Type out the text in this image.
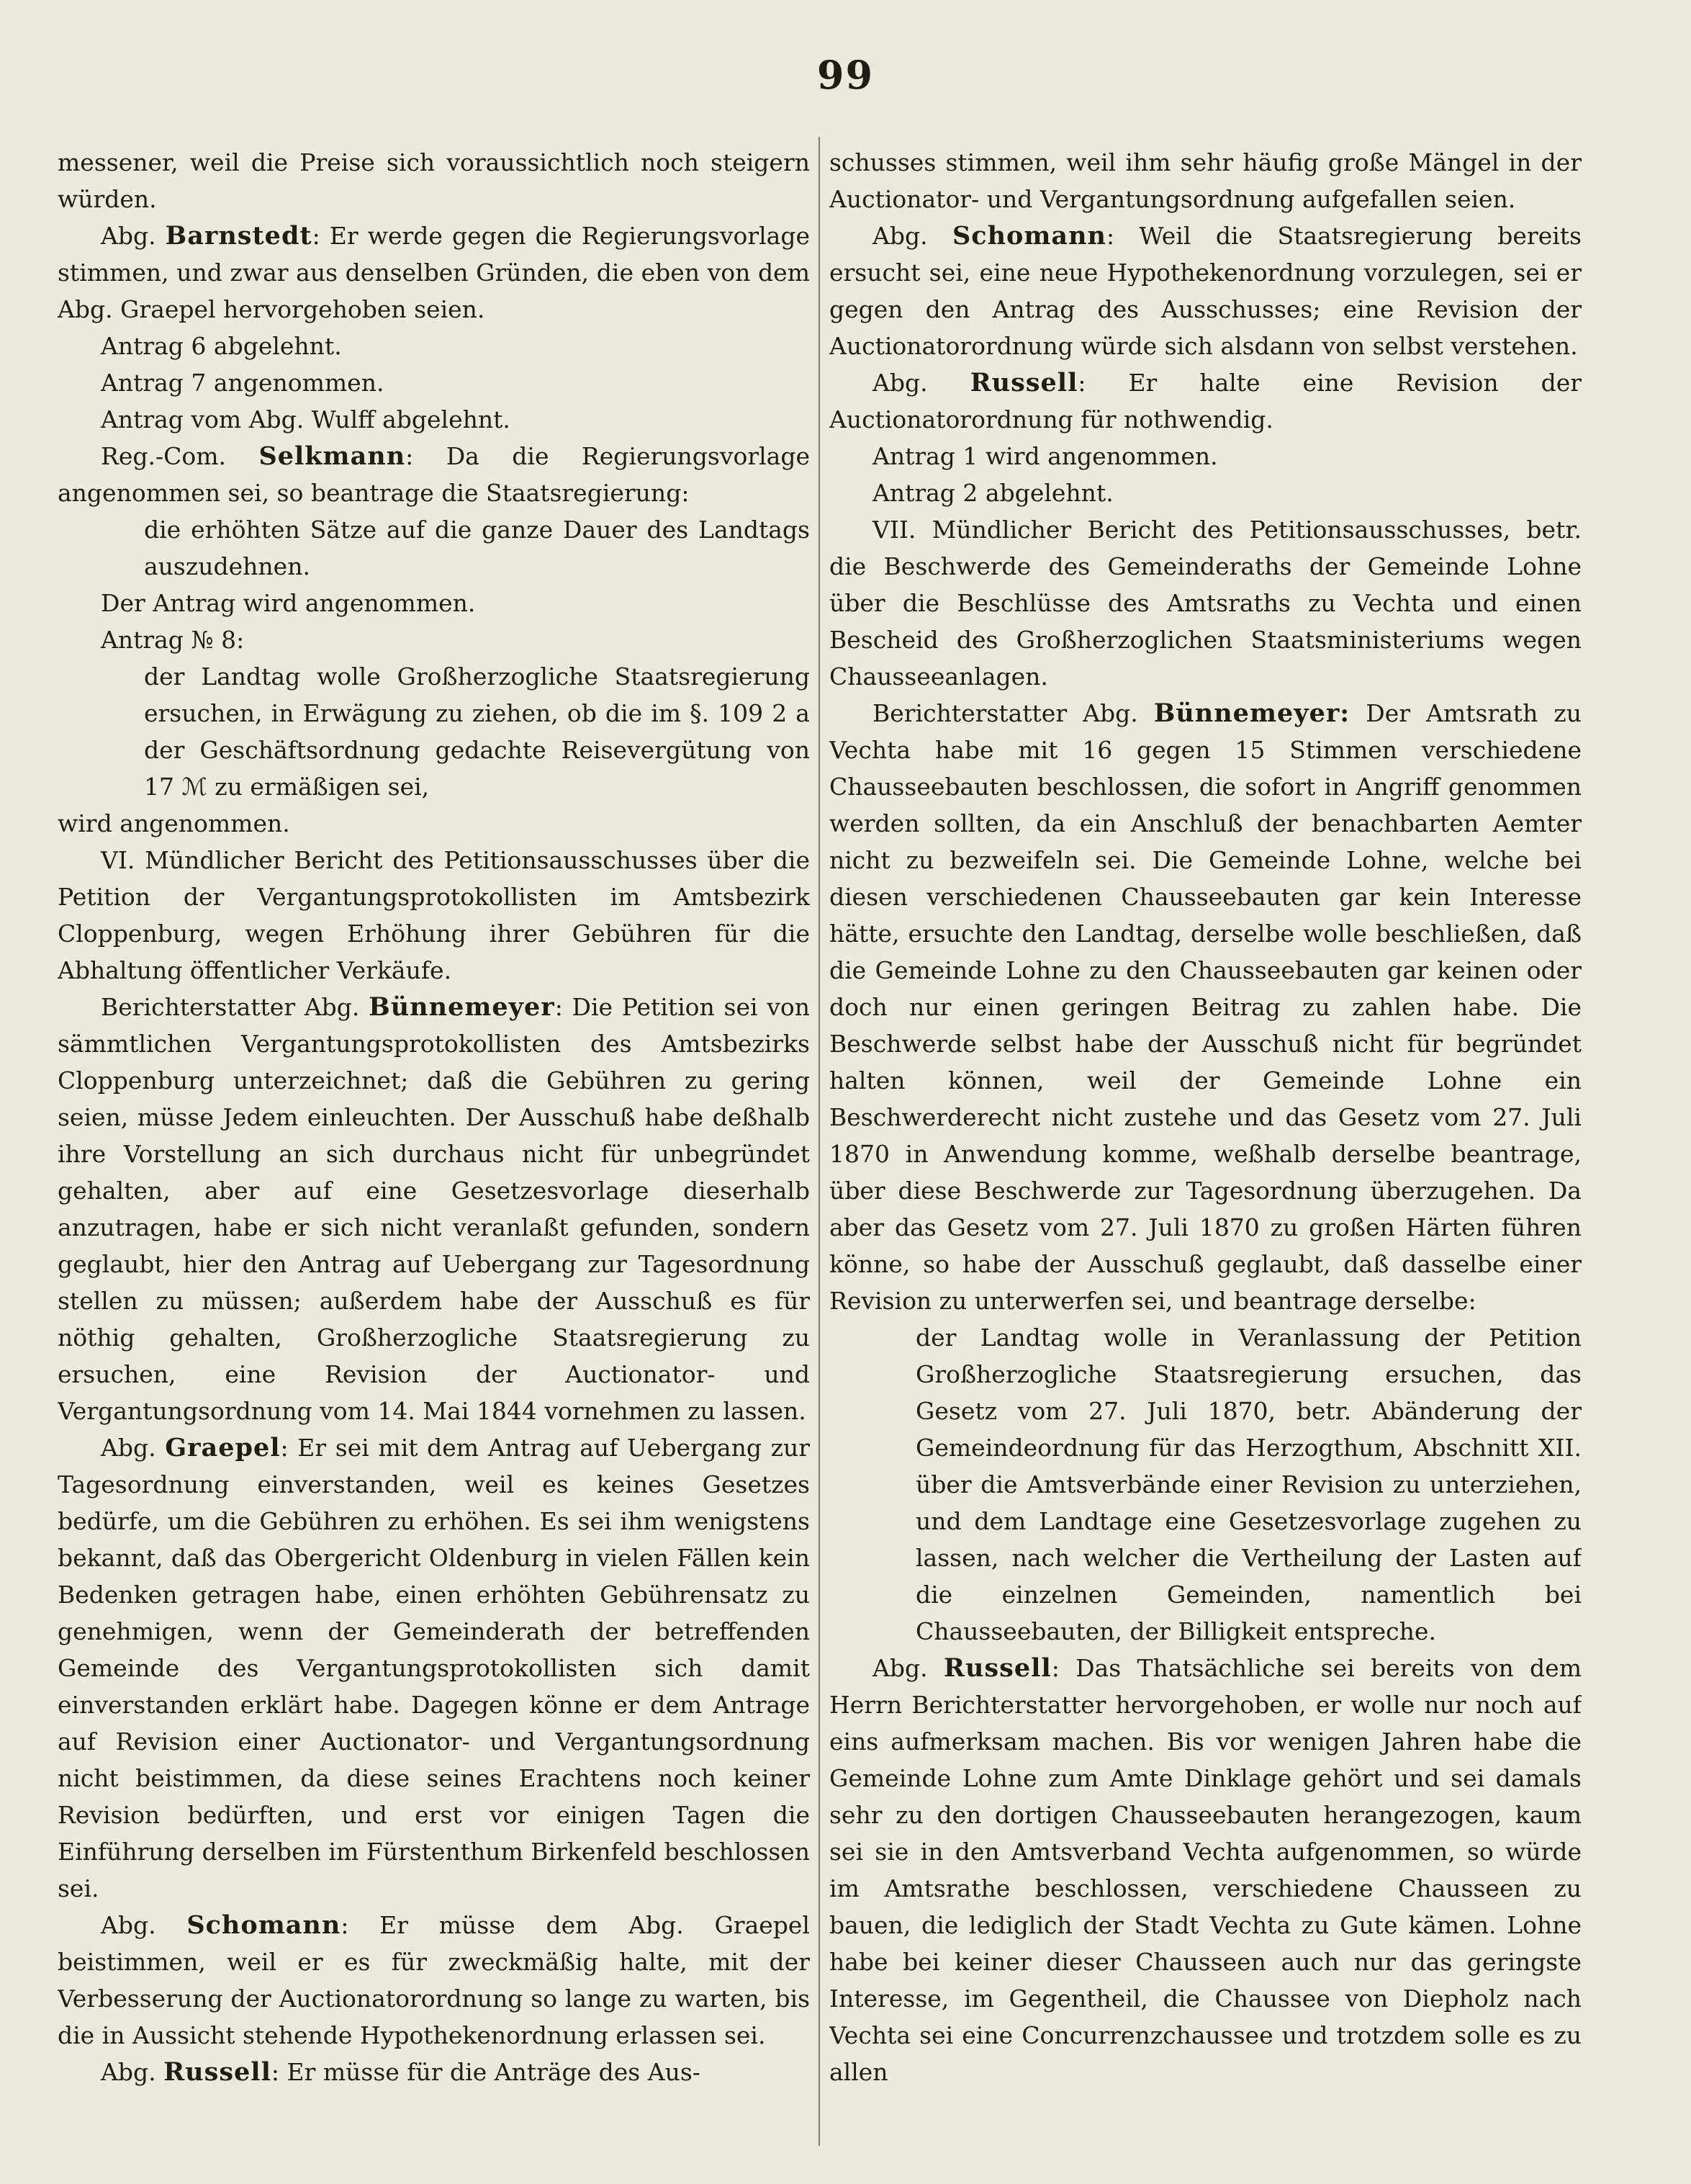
99

messener, weil die Preise sich voraussichtlich noch steigern würden.

Abg. Barnstedt: Er werde gegen die Regierungsvorlage stimmen, und zwar aus denselben Gründen, die eben von dem Abg. Graepel hervorgehoben seien.

Antrag 6 abgelehnt.

Antrag 7 angenommen.

Antrag vom Abg. Wulff abgelehnt.

Reg.-Com. Selkmann: Da die Regierungsvorlage angenommen sei, so beantrage die Staatsregierung:

die erhöhten Sätze auf die ganze Dauer des Landtags auszudehnen.

Der Antrag wird angenommen.

Antrag № 8:

der Landtag wolle Großherzogliche Staatsregierung ersuchen, in Erwägung zu ziehen, ob die im §. 109 2 a der Geschäftsordnung gedachte Reisevergütung von 17 ℳ zu ermäßigen sei,

wird angenommen.

VI. Mündlicher Bericht des Petitionsausschusses über die Petition der Vergantungsprotokollisten im Amtsbezirk Cloppenburg, wegen Erhöhung ihrer Gebühren für die Abhaltung öffentlicher Verkäufe.

Berichterstatter Abg. Bünnemeyer: Die Petition sei von sämmtlichen Vergantungsprotokollisten des Amtsbezirks Cloppenburg unterzeichnet; daß die Gebühren zu gering seien, müsse Jedem einleuchten. Der Ausschuß habe deßhalb ihre Vorstellung an sich durchaus nicht für unbegründet gehalten, aber auf eine Gesetzesvorlage dieserhalb anzutragen, habe er sich nicht veranlaßt gefunden, sondern geglaubt, hier den Antrag auf Uebergang zur Tagesordnung stellen zu müssen; außerdem habe der Ausschuß es für nöthig gehalten, Großherzogliche Staatsregierung zu ersuchen, eine Revision der Auctionator- und Vergantungsordnung vom 14. Mai 1844 vornehmen zu lassen.

Abg. Graepel: Er sei mit dem Antrag auf Uebergang zur Tagesordnung einverstanden, weil es keines Gesetzes bedürfe, um die Gebühren zu erhöhen. Es sei ihm wenigstens bekannt, daß das Obergericht Oldenburg in vielen Fällen kein Bedenken getragen habe, einen erhöhten Gebührensatz zu genehmigen, wenn der Gemeinderath der betreffenden Gemeinde des Vergantungsprotokollisten sich damit einverstanden erklärt habe. Dagegen könne er dem Antrage auf Revision einer Auctionator- und Vergantungsordnung nicht beistimmen, da diese seines Erachtens noch keiner Revision bedürften, und erst vor einigen Tagen die Einführung derselben im Fürstenthum Birkenfeld beschlossen sei.

Abg. Schomann: Er müsse dem Abg. Graepel beistimmen, weil er es für zweckmäßig halte, mit der Verbesserung der Auctionatorordnung so lange zu warten, bis die in Aussicht stehende Hypothekenordnung erlassen sei.

Abg. Russell: Er müsse für die Anträge des Aus-

schusses stimmen, weil ihm sehr häufig große Mängel in der Auctionator- und Vergantungsordnung aufgefallen seien.

Abg. Schomann: Weil die Staatsregierung bereits ersucht sei, eine neue Hypothekenordnung vorzulegen, sei er gegen den Antrag des Ausschusses; eine Revision der Auctionatorordnung würde sich alsdann von selbst verstehen.

Abg. Russell: Er halte eine Revision der Auctionatorordnung für nothwendig.

Antrag 1 wird angenommen.

Antrag 2 abgelehnt.

VII. Mündlicher Bericht des Petitionsausschusses, betr. die Beschwerde des Gemeinderaths der Gemeinde Lohne über die Beschlüsse des Amtsraths zu Vechta und einen Bescheid des Großherzoglichen Staatsministeriums wegen Chausseeanlagen.

Berichterstatter Abg. Bünnemeyer: Der Amtsrath zu Vechta habe mit 16 gegen 15 Stimmen verschiedene Chausseebauten beschlossen, die sofort in Angriff genommen werden sollten, da ein Anschluß der benachbarten Aemter nicht zu bezweifeln sei. Die Gemeinde Lohne, welche bei diesen verschiedenen Chausseebauten gar kein Interesse hätte, ersuchte den Landtag, derselbe wolle beschließen, daß die Gemeinde Lohne zu den Chausseebauten gar keinen oder doch nur einen geringen Beitrag zu zahlen habe. Die Beschwerde selbst habe der Ausschuß nicht für begründet halten können, weil der Gemeinde Lohne ein Beschwerderecht nicht zustehe und das Gesetz vom 27. Juli 1870 in Anwendung komme, weßhalb derselbe beantrage, über diese Beschwerde zur Tagesordnung überzugehen. Da aber das Gesetz vom 27. Juli 1870 zu großen Härten führen könne, so habe der Ausschuß geglaubt, daß dasselbe einer Revision zu unterwerfen sei, und beantrage derselbe:

der Landtag wolle in Veranlassung der Petition Großherzogliche Staatsregierung ersuchen, das Gesetz vom 27. Juli 1870, betr. Abänderung der Gemeindeordnung für das Herzogthum, Abschnitt XII. über die Amtsverbände einer Revision zu unterziehen, und dem Landtage eine Gesetzesvorlage zugehen zu lassen, nach welcher die Vertheilung der Lasten auf die einzelnen Gemeinden, namentlich bei Chausseebauten, der Billigkeit entspreche.

Abg. Russell: Das Thatsächliche sei bereits von dem Herrn Berichterstatter hervorgehoben, er wolle nur noch auf eins aufmerksam machen. Bis vor wenigen Jahren habe die Gemeinde Lohne zum Amte Dinklage gehört und sei damals sehr zu den dortigen Chausseebauten herangezogen, kaum sei sie in den Amtsverband Vechta aufgenommen, so würde im Amtsrathe beschlossen, verschiedene Chausseen zu bauen, die lediglich der Stadt Vechta zu Gute kämen. Lohne habe bei keiner dieser Chausseen auch nur das geringste Interesse, im Gegentheil, die Chaussee von Diepholz nach Vechta sei eine Concurrenzchaussee und trotzdem solle es zu allen
